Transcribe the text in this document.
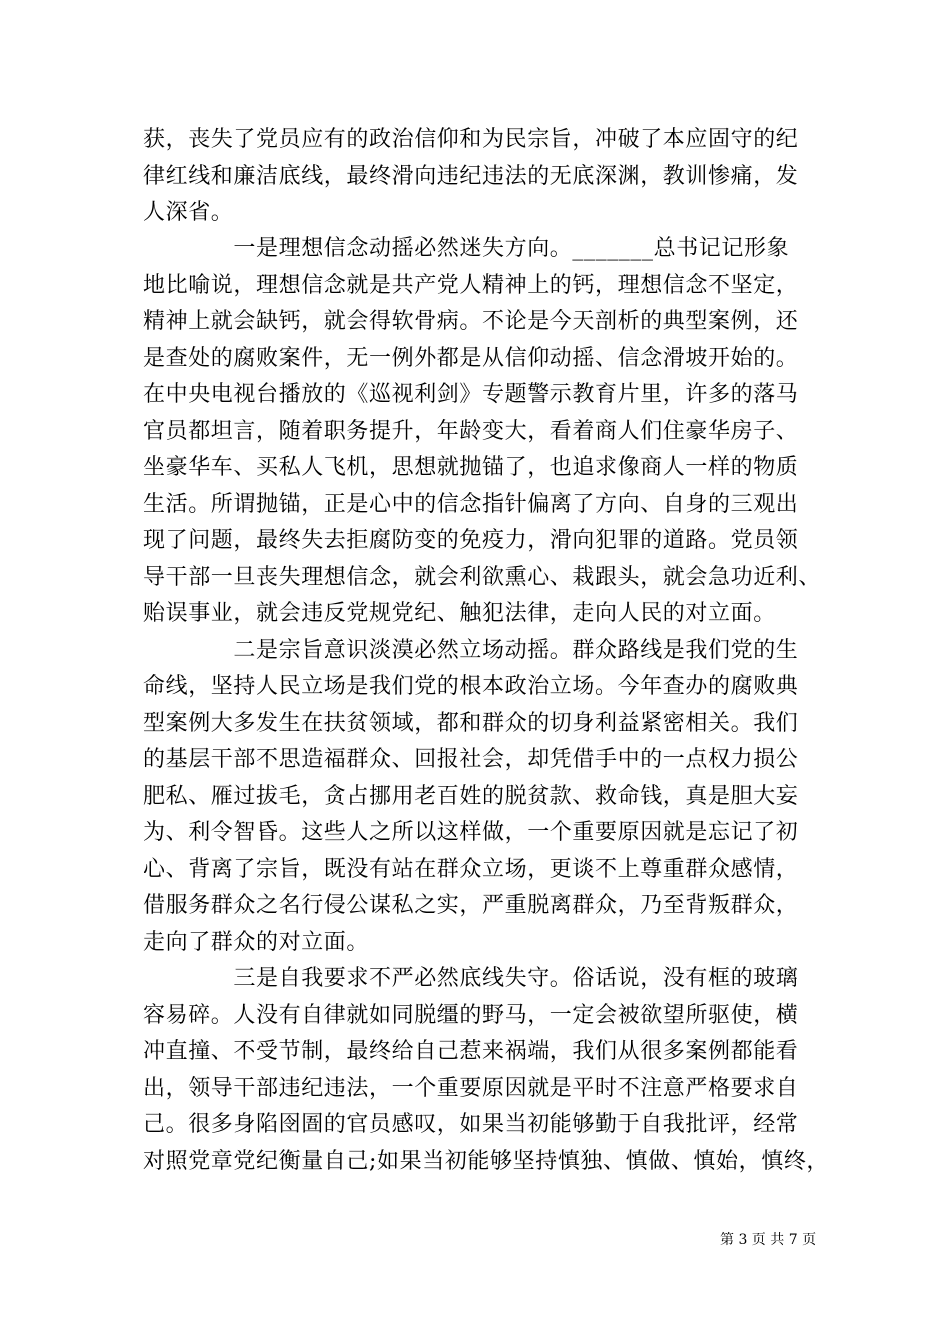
获，丧失了党员应有的政治信仰和为民宗旨，冲破了本应固守的纪
律红线和廉洁底线，最终滑向违纪违法的无底深渊，教训惨痛，发
人深省。
　　　　一是理想信念动摇必然迷失方向。_______总书记记形象
地比喻说，理想信念就是共产党人精神上的钙，理想信念不坚定，
精神上就会缺钙，就会得软骨病。不论是今天剖析的典型案例，还
是查处的腐败案件，无一例外都是从信仰动摇、信念滑坡开始的。
在中央电视台播放的《巡视利剑》专题警示教育片里，许多的落马
官员都坦言，随着职务提升，年龄变大，看着商人们住豪华房子、
坐豪华车、买私人飞机，思想就抛锚了，也追求像商人一样的物质
生活。所谓抛锚，正是心中的信念指针偏离了方向、自身的三观出
现了问题，最终失去拒腐防变的免疫力，滑向犯罪的道路。党员领
导干部一旦丧失理想信念，就会利欲熏心、栽跟头，就会急功近利、
贻误事业，就会违反党规党纪、触犯法律，走向人民的对立面。
　　　　二是宗旨意识淡漠必然立场动摇。群众路线是我们党的生
命线，坚持人民立场是我们党的根本政治立场。今年查办的腐败典
型案例大多发生在扶贫领域，都和群众的切身利益紧密相关。我们
的基层干部不思造福群众、回报社会，却凭借手中的一点权力损公
肥私、雁过拔毛，贪占挪用老百姓的脱贫款、救命钱，真是胆大妄
为、利令智昏。这些人之所以这样做，一个重要原因就是忘记了初
心、背离了宗旨，既没有站在群众立场，更谈不上尊重群众感情，
借服务群众之名行侵公谋私之实，严重脱离群众，乃至背叛群众，
走向了群众的对立面。
　　　　三是自我要求不严必然底线失守。俗话说，没有框的玻璃
容易碎。人没有自律就如同脱缰的野马，一定会被欲望所驱使，横
冲直撞、不受节制，最终给自己惹来祸端，我们从很多案例都能看
出，领导干部违纪违法，一个重要原因就是平时不注意严格要求自
己。很多身陷囹圄的官员感叹，如果当初能够勤于自我批评，经常
对照党章党纪衡量自己;如果当初能够坚持慎独、慎做、慎始，慎终，
第 3 页 共 7 页
